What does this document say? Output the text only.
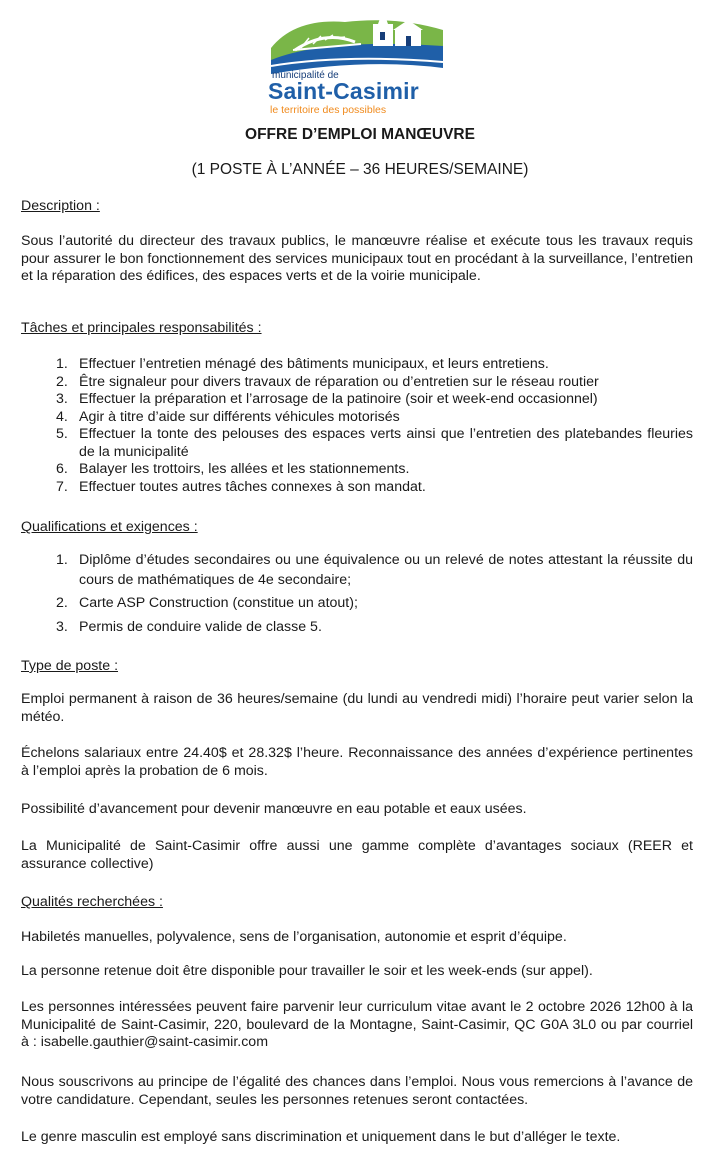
municipalité de
Saint-Casimir
le territoire des possibles
OFFRE D’EMPLOI MANŒUVRE
(1 POSTE À L’ANNÉE – 36 HEURES/SEMAINE)

Description :

Sous l’autorité du directeur des travaux publics, le manœuvre réalise et exécute tous les travaux requis pour assurer le bon fonctionnement des services municipaux tout en procédant à la surveillance, l’entretien et la réparation des édifices, des espaces verts et de la voirie municipale.

Tâches et principales responsabilités :

1. Effectuer l’entretien ménagé des bâtiments municipaux, et leurs entretiens.
2. Être signaleur pour divers travaux de réparation ou d’entretien sur le réseau routier
3. Effectuer la préparation et l’arrosage de la patinoire (soir et week-end occasionnel)
4. Agir à titre d’aide sur différents véhicules motorisés
5. Effectuer la tonte des pelouses des espaces verts ainsi que l’entretien des platebandes fleuries de la municipalité
6. Balayer les trottoirs, les allées et les stationnements.
7. Effectuer toutes autres tâches connexes à son mandat.

Qualifications et exigences :

1. Diplôme d’études secondaires ou une équivalence ou un relevé de notes attestant la réussite du cours de mathématiques de 4e secondaire;
2. Carte ASP Construction (constitue un atout);
3. Permis de conduire valide de classe 5.

Type de poste :

Emploi permanent à raison de 36 heures/semaine (du lundi au vendredi midi) l’horaire peut varier selon la météo.

Échelons salariaux entre 24.40$ et 28.32$ l’heure. Reconnaissance des années d’expérience pertinentes à l’emploi après la probation de 6 mois.

Possibilité d’avancement pour devenir manœuvre en eau potable et eaux usées.

La Municipalité de Saint-Casimir offre aussi une gamme complète d’avantages sociaux (REER et assurance collective)

Qualités recherchées :

Habiletés manuelles, polyvalence, sens de l’organisation, autonomie et esprit d’équipe.

La personne retenue doit être disponible pour travailler le soir et les week-ends (sur appel).

Les personnes intéressées peuvent faire parvenir leur curriculum vitae avant le 2 octobre 2026 12h00 à la Municipalité de Saint-Casimir, 220, boulevard de la Montagne, Saint-Casimir, QC G0A 3L0 ou par courriel à : isabelle.gauthier@saint-casimir.com

Nous souscrivons au principe de l’égalité des chances dans l’emploi. Nous vous remercions à l’avance de votre candidature. Cependant, seules les personnes retenues seront contactées.

Le genre masculin est employé sans discrimination et uniquement dans le but d’alléger le texte.
